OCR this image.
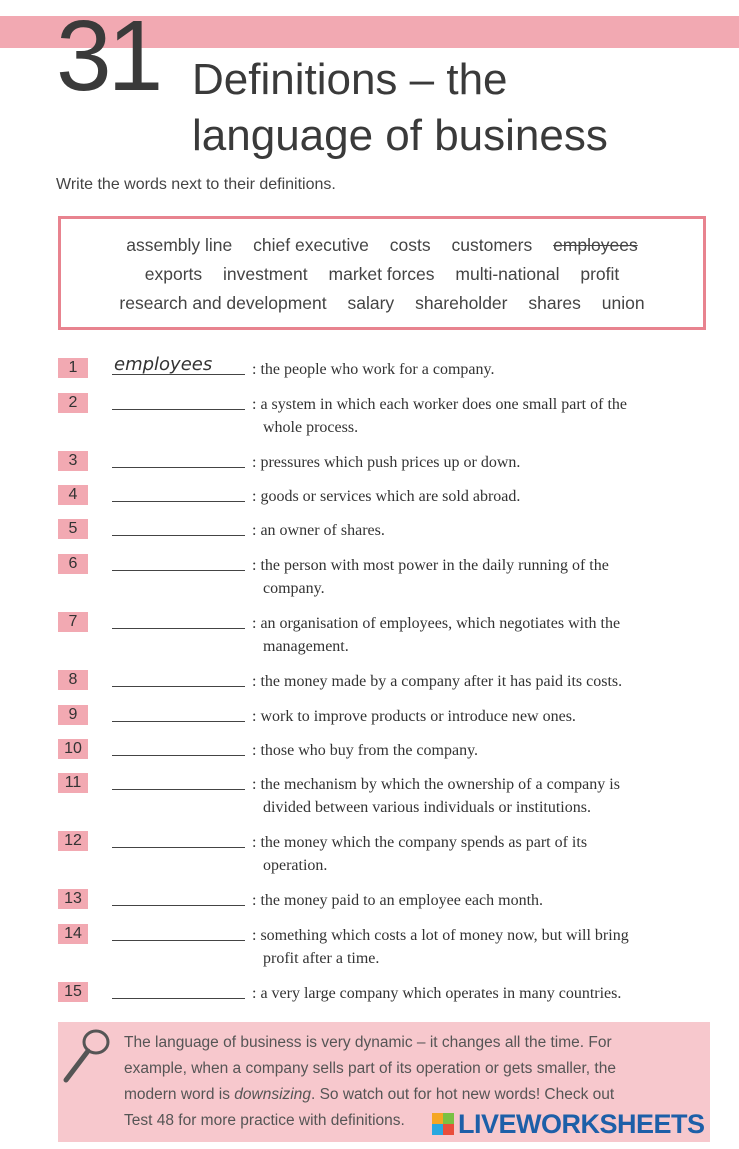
31 Definitions – the
language of business
Write the words next to their definitions.
assembly line chief executive costs customers employees
exports investment market forces multi-national profit
research and development salary shareholder shares union
1	employees : the people who work for a company.
2	: a system in which each worker does one small part of the
whole process.
3	: pressures which push prices up or down.
4	: goods or services which are sold abroad.
5	: an owner of shares.
6	: the person with most power in the daily running of the
company.
7	: an organisation of employees, which negotiates with the
management.
8	: the money made by a company after it has paid its costs.
9	: work to improve products or introduce new ones.
10	: those who buy from the company.
11	: the mechanism by which the ownership of a company is
divided between various individuals or institutions.
12	: the money which the company spends as part of its
operation.
13	: the money paid to an employee each month.
14	: something which costs a lot of money now, but will bring
profit after a time.
15	: a very large company which operates in many countries.
The language of business is very dynamic – it changes all the time. For
example, when a company sells part of its operation or gets smaller, the
modern word is downsizing. So watch out for hot new words! Check out
Test 48 for more practice with definitions.	LIVEWORKSHEETS
